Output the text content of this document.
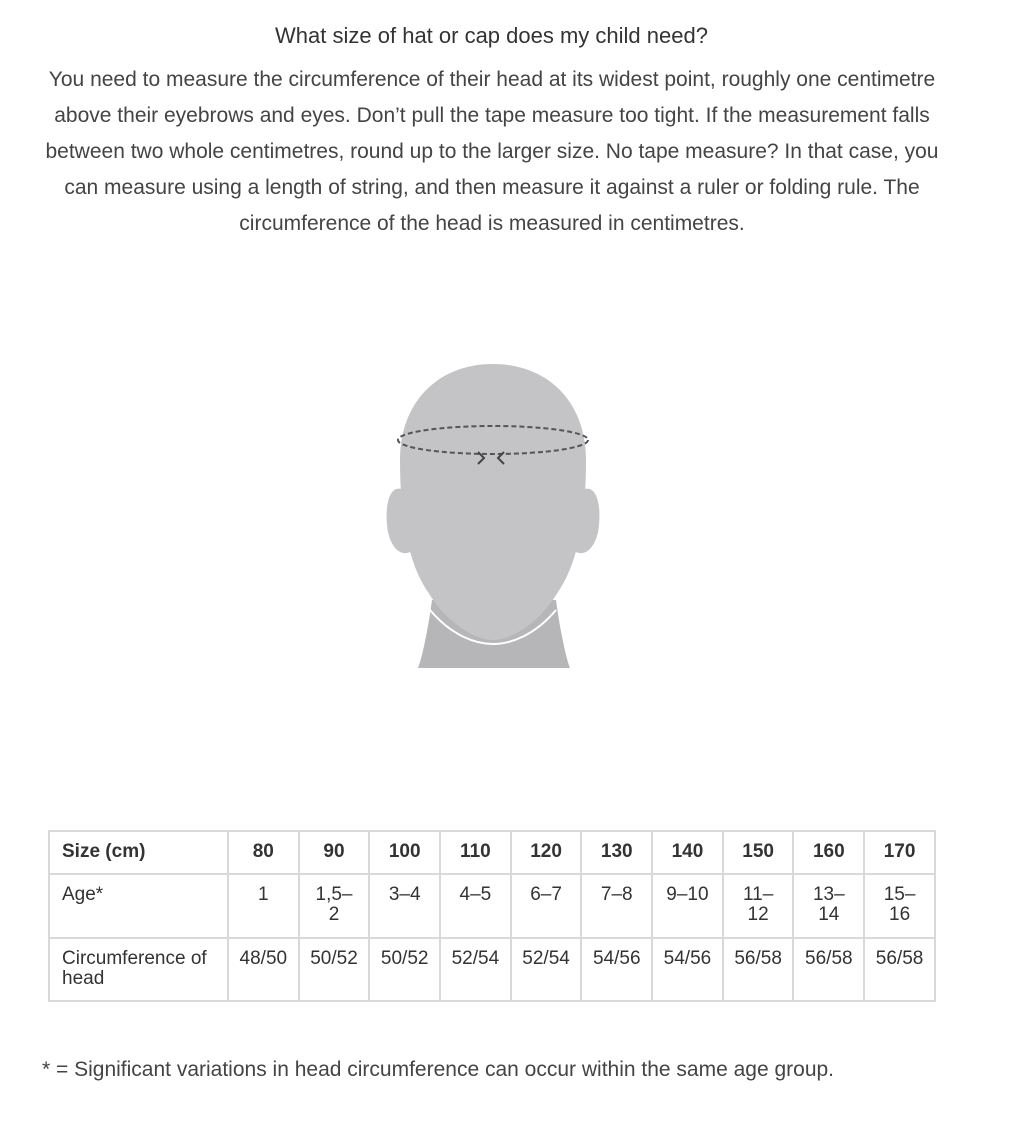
What size of hat or cap does my child need?

You need to measure the circumference of their head at its widest point, roughly one centimetre above their eyebrows and eyes. Don’t pull the tape measure too tight. If the measurement falls between two whole centimetres, round up to the larger size. No tape measure? In that case, you can measure using a length of string, and then measure it against a ruler or folding rule. The circumference of the head is measured in centimetres.

Size (cm)	80	90	100	110	120	130	140	150	160	170
Age*	1	1,5–2	3–4	4–5	6–7	7–8	9–10	11–12	13–14	15–16
Circumference of head	48/50	50/52	50/52	52/54	52/54	54/56	54/56	56/58	56/58	56/58

* = Significant variations in head circumference can occur within the same age group.
